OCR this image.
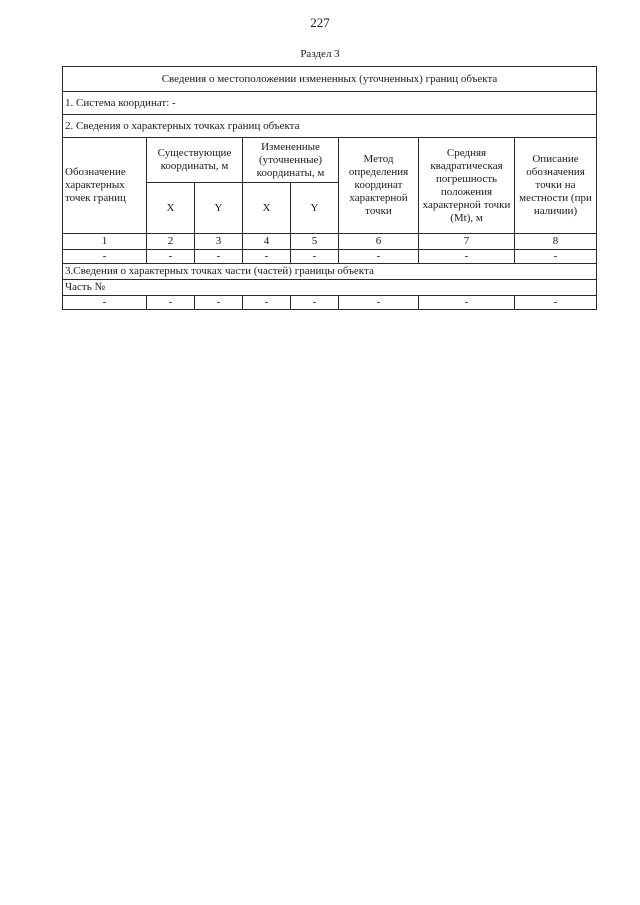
227
Раздел 3
Сведения о местоположении измененных (уточненных) границ объекта							
1. Система координат: -							
2. Сведения о характерных точках границ объекта							
Обозначение характерных точек границ	Существующие координаты, м		Измененные (уточненные) координаты, м		Метод определения координат характерной точки	Средняя квадратическая погрешность положения характерной точки (Мt), м	Описание обозначения точки на местности (при наличии)
	X	Y	X	Y			
1	2	3	4	5	6	7	8
-	-	-	-	-	-	-	-
3.Сведения о характерных точках части (частей) границы объекта							
Часть №							
-	-	-	-	-	-	-	-
